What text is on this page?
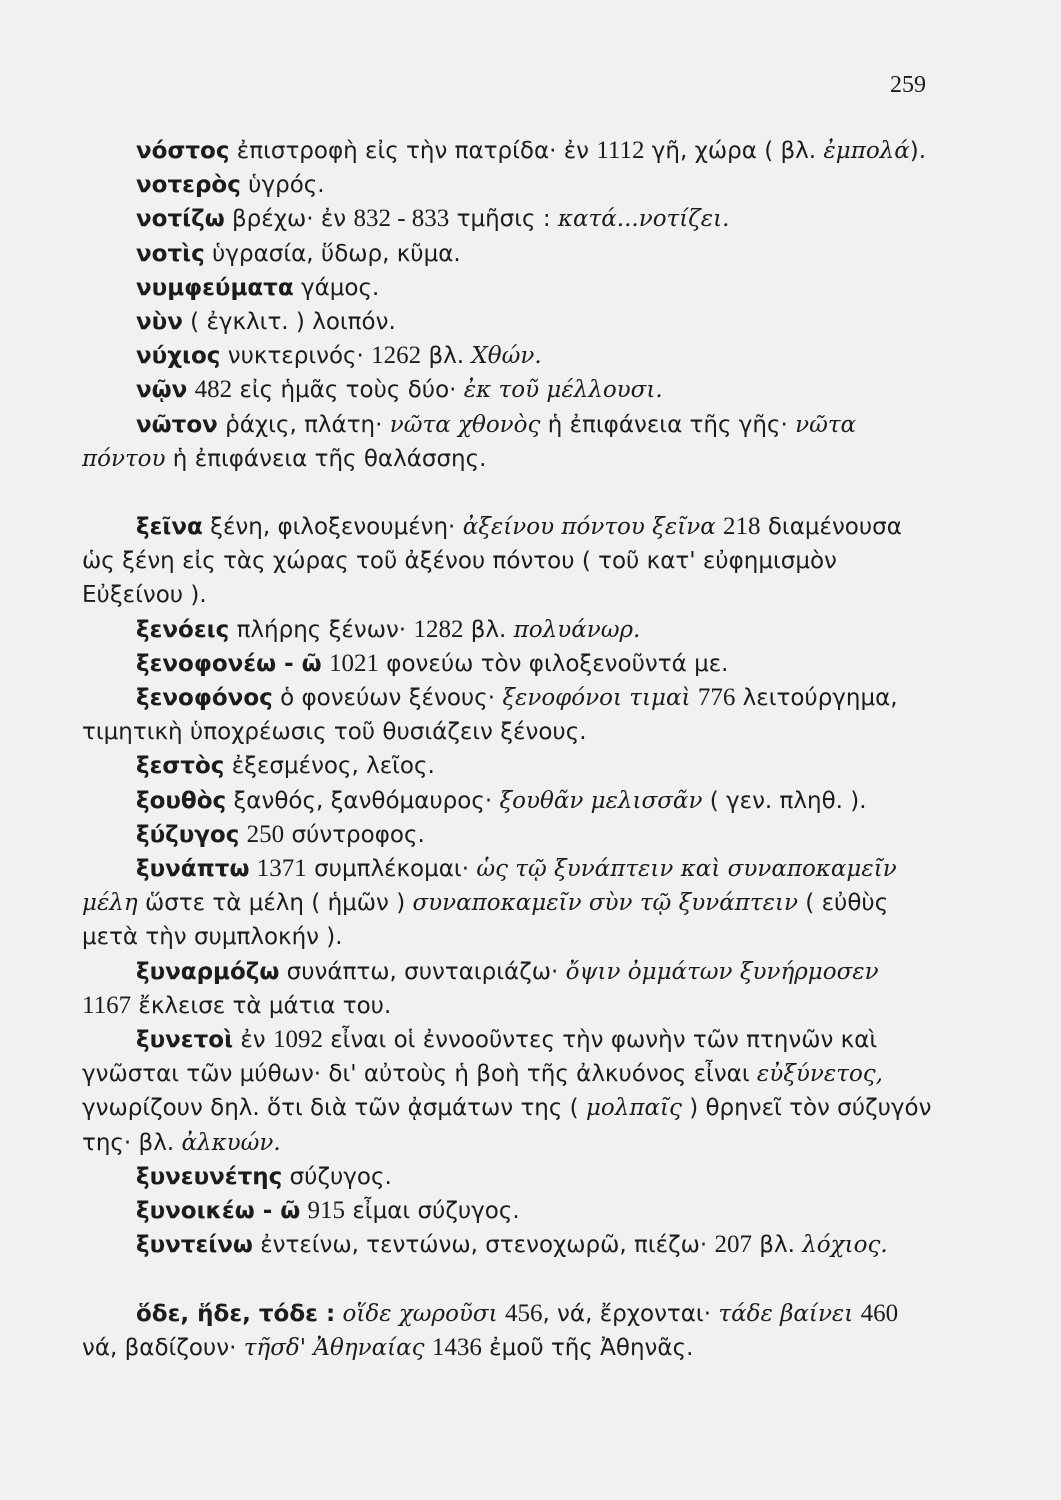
259
νόστος ἐπιστροφὴ εἰς τὴν πατρίδα· ἐν 1112 γῆ, χώρα ( βλ. ἐμπολά).
νοτερὸς ὑγρός.
νοτίζω βρέχω· ἐν 832 - 833 τμῆσις : κατά...νοτίζει.
νοτὶς ὑγρασία, ὕδωρ, κῦμα.
νυμφεύματα γάμος.
νὺν ( ἐγκλιτ. ) λοιπόν.
νύχιος νυκτερινός· 1262 βλ. Χθών.
νῷν 482 εἰς ἡμᾶς τοὺς δύο· ἐκ τοῦ μέλλουσι.
νῶτον ῥάχις, πλάτη· νῶτα χθονὸς ἡ ἐπιφάνεια τῆς γῆς· νῶτα πόντου ἡ ἐπιφάνεια τῆς θαλάσσης.
ξεῖνα ξένη, φιλοξενουμένη· ἀξείνου πόντου ξεῖνα 218 διαμένουσα ὡς ξένη εἰς τὰς χώρας τοῦ ἀξένου πόντου ( τοῦ κατ' εὐφημισμὸν Εὐξείνου ).
ξενόεις πλήρης ξένων· 1282 βλ. πολυάνωρ.
ξενοφονέω - ῶ 1021 φονεύω τὸν φιλοξενοῦντά με.
ξενοφόνος ὁ φονεύων ξένους· ξενοφόνοι τιμαὶ 776 λειτούργημα, τιμητικὴ ὑποχρέωσις τοῦ θυσιάζειν ξένους.
ξεστὸς ἐξεσμένος, λεῖος.
ξουθὸς ξανθός, ξανθόμαυρος· ξουθᾶν μελισσᾶν ( γεν. πληθ. ).
ξύζυγος 250 σύντροφος.
ξυνάπτω 1371 συμπλέκομαι· ὡς τῷ ξυνάπτειν καὶ συναποκαμεῖν μέλη ὥστε τὰ μέλη ( ἡμῶν ) συναποκαμεῖν σὺν τῷ ξυνάπτειν ( εὐθὺς μετὰ τὴν συμπλοκήν ).
ξυναρμόζω συνάπτω, συνταιριάζω· ὄψιν ὀμμάτων ξυνήρμοσεν 1167 ἔκλεισε τὰ μάτια του.
ξυνετοὶ ἐν 1092 εἶναι οἱ ἐννοοῦντες τὴν φωνὴν τῶν πτηνῶν καὶ γνῶσται τῶν μύθων· δι' αὐτοὺς ἡ βοὴ τῆς ἀλκυόνος εἶναι εὐξύνετος, γνωρίζουν δηλ. ὅτι διὰ τῶν ᾀσμάτων της ( μολπαῖς ) θρηνεῖ τὸν σύζυγόν της· βλ. ἀλκυών.
ξυνευνέτης σύζυγος.
ξυνοικέω - ῶ 915 εἶμαι σύζυγος.
ξυντείνω ἐντείνω, τεντώνω, στενοχωρῶ, πιέζω· 207 βλ. λόχιος.
ὅδε, ἥδε, τόδε : οἵδε χωροῦσι 456, νά, ἔρχονται· τάδε βαίνει 460 νά, βαδίζουν· τῆσδ' Ἀθηναίας 1436 ἐμοῦ τῆς Ἀθηνᾶς.
